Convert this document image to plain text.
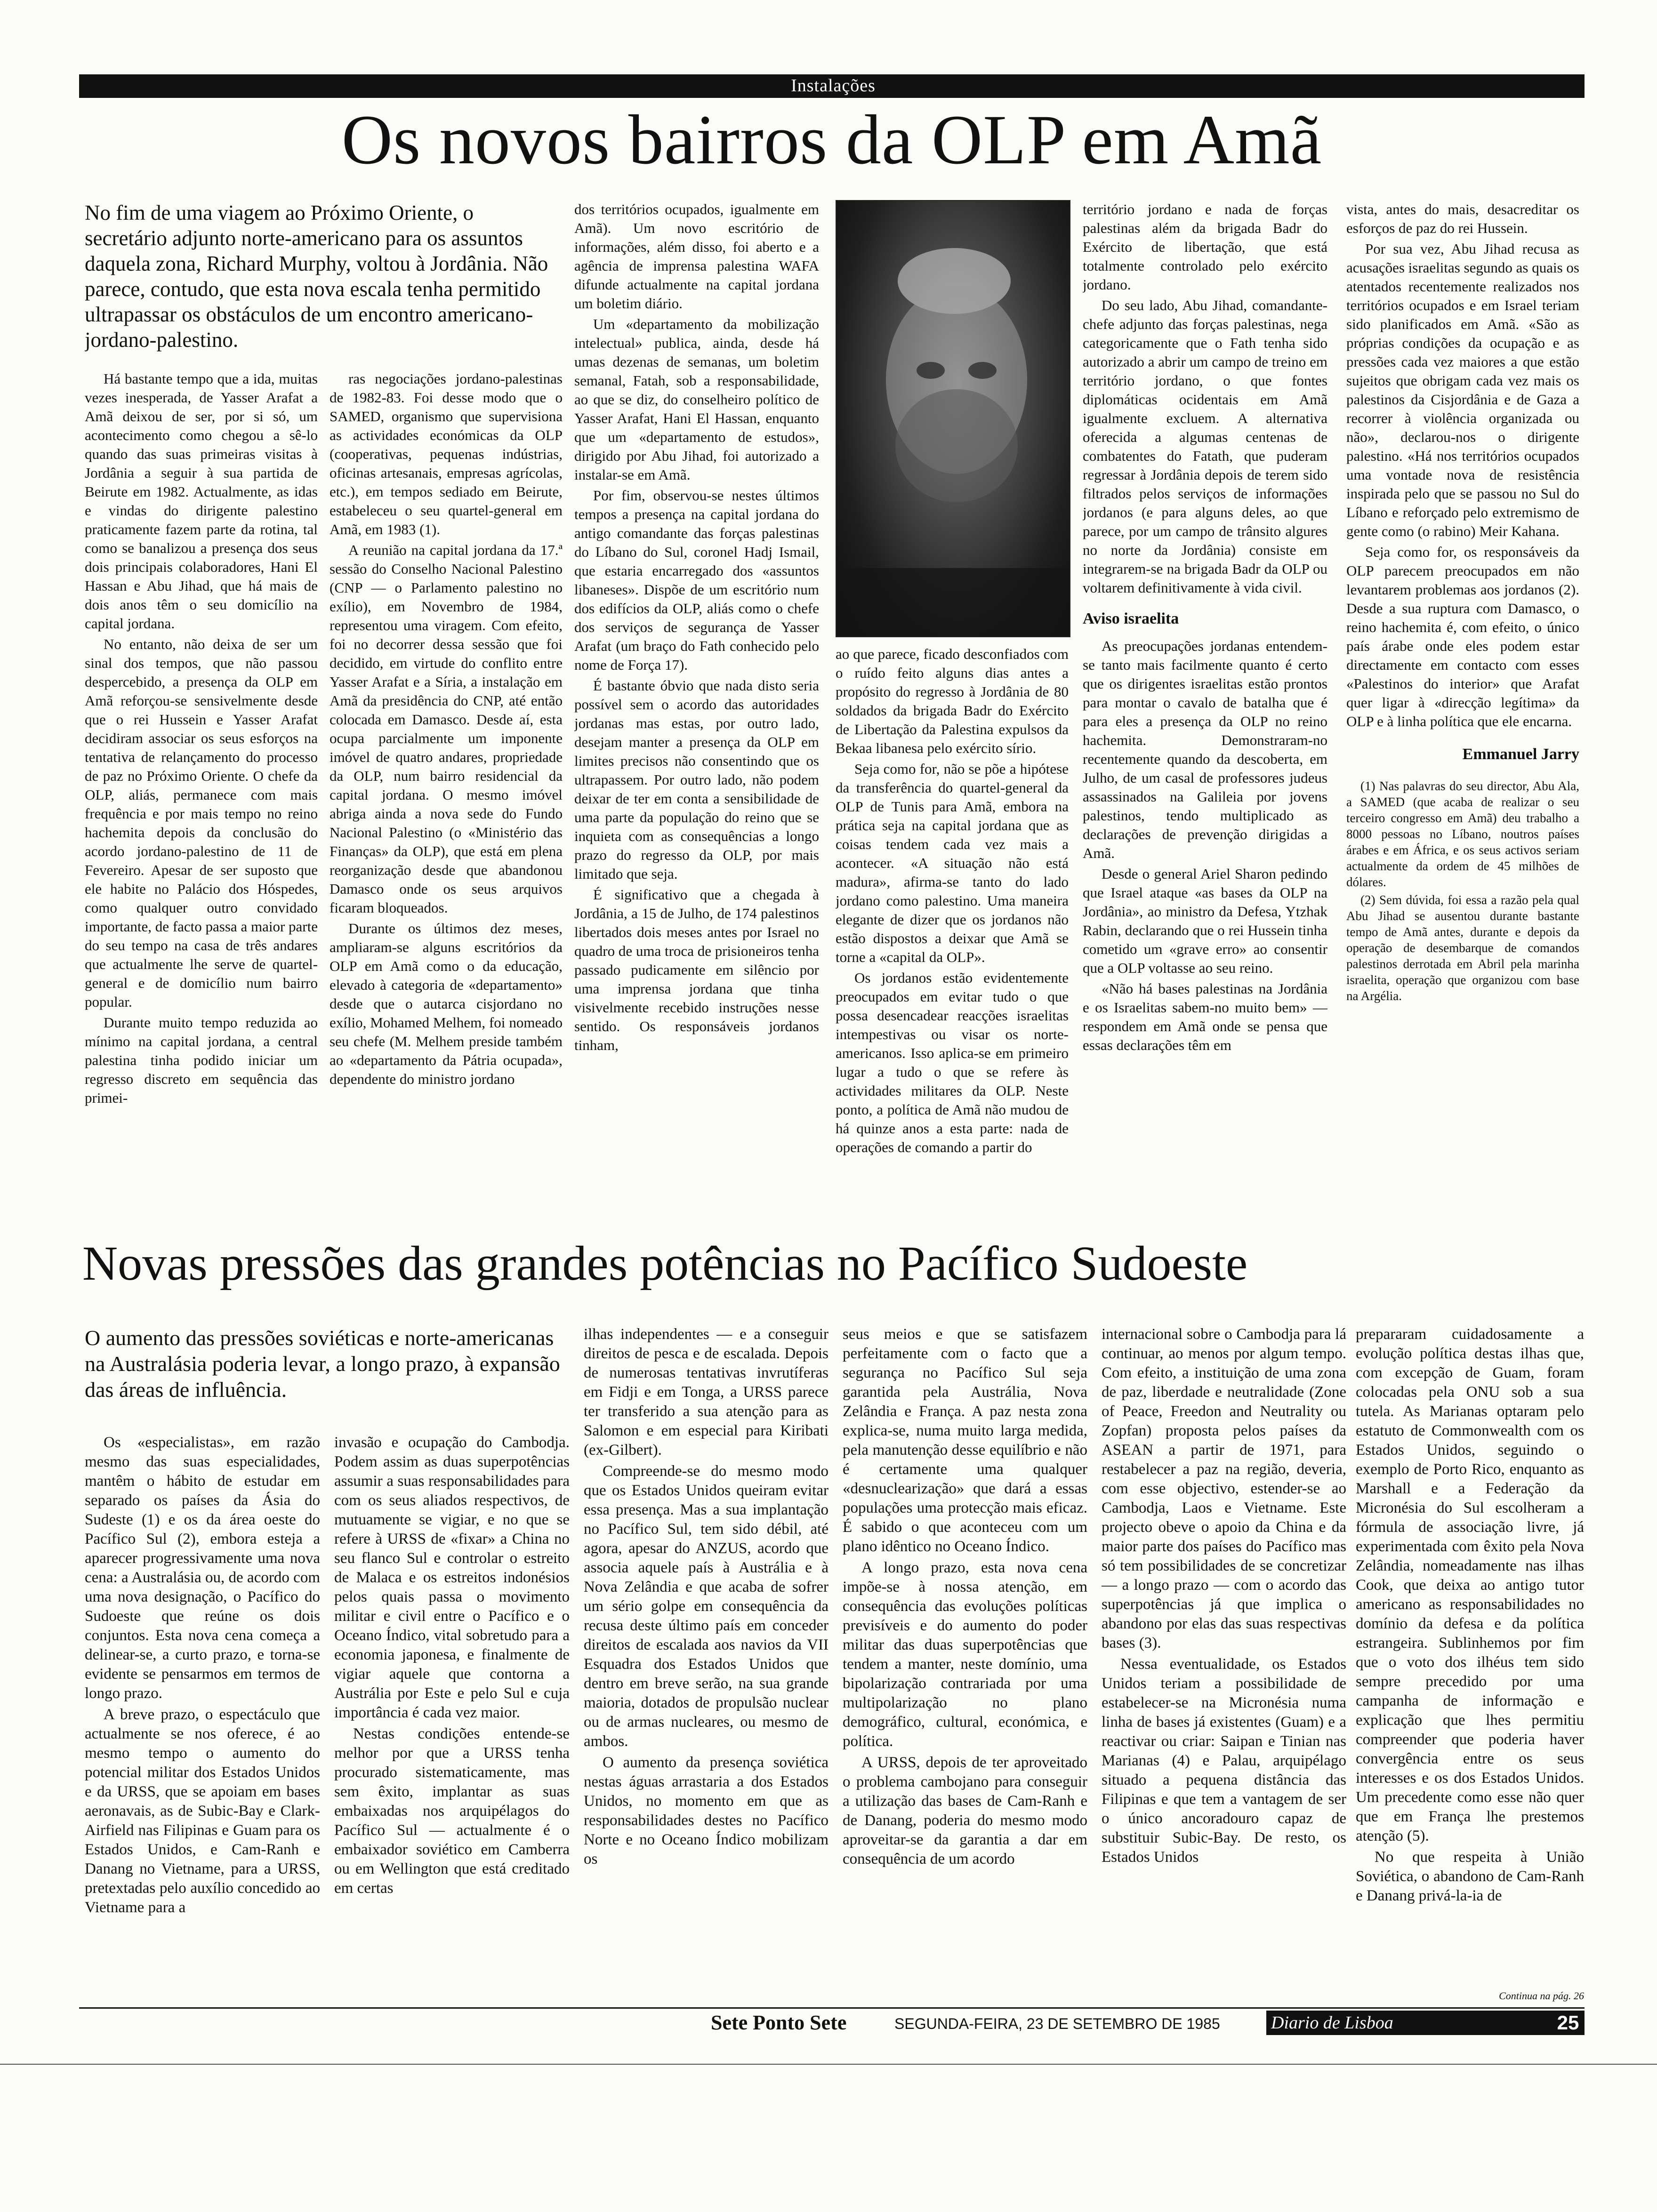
Instalações
Os novos bairros da OLP em Amã
No fim de uma viagem ao Próximo Oriente, o secretário adjunto norte-americano para os assuntos daquela zona, Richard Murphy, voltou à Jordânia. Não parece, contudo, que esta nova escala tenha permitido ultrapassar os obstáculos de um encontro americano-jordano-palestino.

Há bastante tempo que a ida, muitas vezes inesperada, de Yasser Arafat a Amã deixou de ser, por si só, um acontecimento como chegou a sê-lo quando das suas primeiras visitas à Jordânia a seguir à sua partida de Beirute em 1982. Actualmente, as idas e vindas do dirigente palestino praticamente fazem parte da rotina, tal como se banalizou a presença dos seus dois principais colaboradores, Hani El Hassan e Abu Jihad, que há mais de dois anos têm o seu domicílio na capital jordana.

No entanto, não deixa de ser um sinal dos tempos, que não passou despercebido, a presença da OLP em Amã reforçou-se sensivelmente desde que o rei Hussein e Yasser Arafat decidiram associar os seus esforços na tentativa de relançamento do processo de paz no Próximo Oriente. O chefe da OLP, aliás, permanece com mais frequência e por mais tempo no reino hachemita depois da conclusão do acordo jordano-palestino de 11 de Fevereiro. Apesar de ser suposto que ele habite no Palácio dos Hóspedes, como qualquer outro convidado importante, de facto passa a maior parte do seu tempo na casa de três andares que actualmente lhe serve de quartel-general e de domicílio num bairro popular.

Durante muito tempo reduzida ao mínimo na capital jordana, a central palestina tinha podido iniciar um regresso discreto em sequência das primei-

ras negociações jordano-palestinas de 1982-83. Foi desse modo que o SAMED, organismo que supervisiona as actividades económicas da OLP (cooperativas, pequenas indústrias, oficinas artesanais, empresas agrícolas, etc.), em tempos sediado em Beirute, estabeleceu o seu quartel-general em Amã, em 1983 (1).

A reunião na capital jordana da 17.ª sessão do Conselho Nacional Palestino (CNP — o Parlamento palestino no exílio), em Novembro de 1984, representou uma viragem. Com efeito, foi no decorrer dessa sessão que foi decidido, em virtude do conflito entre Yasser Arafat e a Síria, a instalação em Amã da presidência do CNP, até então colocada em Damasco. Desde aí, esta ocupa parcialmente um imponente imóvel de quatro andares, propriedade da OLP, num bairro residencial da capital jordana. O mesmo imóvel abriga ainda a nova sede do Fundo Nacional Palestino (o «Ministério das Finanças» da OLP), que está em plena reorganização desde que abandonou Damasco onde os seus arquivos ficaram bloqueados.

Durante os últimos dez meses, ampliaram-se alguns escritórios da OLP em Amã como o da educação, elevado à categoria de «departamento» desde que o autarca cisjordano no exílio, Mohamed Melhem, foi nomeado seu chefe (M. Melhem preside também ao «departamento da Pátria ocupada», dependente do ministro jordano

dos territórios ocupados, igualmente em Amã). Um novo escritório de informações, além disso, foi aberto e a agência de imprensa palestina WAFA difunde actualmente na capital jordana um boletim diário.

Um «departamento da mobilização intelectual» publica, ainda, desde há umas dezenas de semanas, um boletim semanal, Fatah, sob a responsabilidade, ao que se diz, do conselheiro político de Yasser Arafat, Hani El Hassan, enquanto que um «departamento de estudos», dirigido por Abu Jihad, foi autorizado a instalar-se em Amã.

Por fim, observou-se nestes últimos tempos a presença na capital jordana do antigo comandante das forças palestinas do Líbano do Sul, coronel Hadj Ismail, que estaria encarregado dos «assuntos libaneses». Dispõe de um escritório num dos edifícios da OLP, aliás como o chefe dos serviços de segurança de Yasser Arafat (um braço do Fath conhecido pelo nome de Força 17).

É bastante óbvio que nada disto seria possível sem o acordo das autoridades jordanas mas estas, por outro lado, desejam manter a presença da OLP em limites precisos não consentindo que os ultrapassem. Por outro lado, não podem deixar de ter em conta a sensibilidade de uma parte da população do reino que se inquieta com as consequências a longo prazo do regresso da OLP, por mais limitado que seja.

É significativo que a chegada à Jordânia, a 15 de Julho, de 174 palestinos libertados dois meses antes por Israel no quadro de uma troca de prisioneiros tenha passado pudicamente em silêncio por uma imprensa jordana que tinha visivelmente recebido instruções nesse sentido. Os responsáveis jordanos tinham,

ao que parece, ficado desconfiados com o ruído feito alguns dias antes a propósito do regresso à Jordânia de 80 soldados da brigada Badr do Exército de Libertação da Palestina expulsos da Bekaa libanesa pelo exército sírio.

Seja como for, não se põe a hipótese da transferência do quartel-general da OLP de Tunis para Amã, embora na prática seja na capital jordana que as coisas tendem cada vez mais a acontecer. «A situação não está madura», afirma-se tanto do lado jordano como palestino. Uma maneira elegante de dizer que os jordanos não estão dispostos a deixar que Amã se torne a «capital da OLP».

Os jordanos estão evidentemente preocupados em evitar tudo o que possa desencadear reacções israelitas intempestivas ou visar os norte-americanos. Isso aplica-se em primeiro lugar a tudo o que se refere às actividades militares da OLP. Neste ponto, a política de Amã não mudou de há quinze anos a esta parte: nada de operações de comando a partir do

território jordano e nada de forças palestinas além da brigada Badr do Exército de libertação, que está totalmente controlado pelo exército jordano.

Do seu lado, Abu Jihad, comandante-chefe adjunto das forças palestinas, nega categoricamente que o Fath tenha sido autorizado a abrir um campo de treino em território jordano, o que fontes diplomáticas ocidentais em Amã igualmente excluem. A alternativa oferecida a algumas centenas de combatentes do Fatath, que puderam regressar à Jordânia depois de terem sido filtrados pelos serviços de informações jordanos (e para alguns deles, ao que parece, por um campo de trânsito algures no norte da Jordânia) consiste em integrarem-se na brigada Badr da OLP ou voltarem definitivamente à vida civil.

Aviso israelita

As preocupações jordanas entendem-se tanto mais facilmente quanto é certo que os dirigentes israelitas estão prontos para montar o cavalo de batalha que é para eles a presença da OLP no reino hachemita. Demonstraram-no recentemente quando da descoberta, em Julho, de um casal de professores judeus assassinados na Galileia por jovens palestinos, tendo multiplicado as declarações de prevenção dirigidas a Amã.

Desde o general Ariel Sharon pedindo que Israel ataque «as bases da OLP na Jordânia», ao ministro da Defesa, Ytzhak Rabin, declarando que o rei Hussein tinha cometido um «grave erro» ao consentir que a OLP voltasse ao seu reino.

«Não há bases palestinas na Jordânia e os Israelitas sabem-no muito bem» — respondem em Amã onde se pensa que essas declarações têm em

vista, antes do mais, desacreditar os esforços de paz do rei Hussein.

Por sua vez, Abu Jihad recusa as acusações israelitas segundo as quais os atentados recentemente realizados nos territórios ocupados e em Israel teriam sido planificados em Amã. «São as próprias condições da ocupação e as pressões cada vez maiores a que estão sujeitos que obrigam cada vez mais os palestinos da Cisjordânia e de Gaza a recorrer à violência organizada ou não», declarou-nos o dirigente palestino. «Há nos territórios ocupados uma vontade nova de resistência inspirada pelo que se passou no Sul do Líbano e reforçado pelo extremismo de gente como (o rabino) Meir Kahana.

Seja como for, os responsáveis da OLP parecem preocupados em não levantarem problemas aos jordanos (2). Desde a sua ruptura com Damasco, o reino hachemita é, com efeito, o único país árabe onde eles podem estar directamente em contacto com esses «Palestinos do interior» que Arafat quer ligar à «direcção legítima» da OLP e à linha política que ele encarna.

Emmanuel Jarry

(1) Nas palavras do seu director, Abu Ala, a SAMED (que acaba de realizar o seu terceiro congresso em Amã) deu trabalho a 8000 pessoas no Líbano, noutros países árabes e em África, e os seus activos seriam actualmente da ordem de 45 milhões de dólares.

(2) Sem dúvida, foi essa a razão pela qual Abu Jihad se ausentou durante bastante tempo de Amã antes, durante e depois da operação de desembarque de comandos palestinos derrotada em Abril pela marinha israelita, operação que organizou com base na Argélia.

Novas pressões das grandes potências no Pacífico Sudoeste
O aumento das pressões soviéticas e norte-americanas na Australásia poderia levar, a longo prazo, à expansão das áreas de influência.

Os «especialistas», em razão mesmo das suas especialidades, mantêm o hábito de estudar em separado os países da Ásia do Sudeste (1) e os da área oeste do Pacífico Sul (2), embora esteja a aparecer progressivamente uma nova cena: a Australásia ou, de acordo com uma nova designação, o Pacífico do Sudoeste que reúne os dois conjuntos. Esta nova cena começa a delinear-se, a curto prazo, e torna-se evidente se pensarmos em termos de longo prazo.

A breve prazo, o espectáculo que actualmente se nos oferece, é ao mesmo tempo o aumento do potencial militar dos Estados Unidos e da URSS, que se apoiam em bases aeronavais, as de Subic-Bay e Clark-Airfield nas Filipinas e Guam para os Estados Unidos, e Cam-Ranh e Danang no Vietname, para a URSS, pretextadas pelo auxílio concedido ao Vietname para a

invasão e ocupação do Cambodja. Podem assim as duas superpotências assumir a suas responsabilidades para com os seus aliados respectivos, de mutuamente se vigiar, e no que se refere à URSS de «fixar» a China no seu flanco Sul e controlar o estreito de Malaca e os estreitos indonésios pelos quais passa o movimento militar e civil entre o Pacífico e o Oceano Índico, vital sobretudo para a economia japonesa, e finalmente de vigiar aquele que contorna a Austrália por Este e pelo Sul e cuja importância é cada vez maior.

Nestas condições entende-se melhor por que a URSS tenha procurado sistematicamente, mas sem êxito, implantar as suas embaixadas nos arquipélagos do Pacífico Sul — actualmente é o embaixador soviético em Camberra ou em Wellington que está creditado em certas

ilhas independentes — e a conseguir direitos de pesca e de escalada. Depois de numerosas tentativas invrutíferas em Fidji e em Tonga, a URSS parece ter transferido a sua atenção para as Salomon e em especial para Kiribati (ex-Gilbert).

Compreende-se do mesmo modo que os Estados Unidos queiram evitar essa presença. Mas a sua implantação no Pacífico Sul, tem sido débil, até agora, apesar do ANZUS, acordo que associa aquele país à Austrália e à Nova Zelândia e que acaba de sofrer um sério golpe em consequência da recusa deste último país em conceder direitos de escalada aos navios da VII Esquadra dos Estados Unidos que dentro em breve serão, na sua grande maioria, dotados de propulsão nuclear ou de armas nucleares, ou mesmo de ambos.

O aumento da presença soviética nestas águas arrastaria a dos Estados Unidos, no momento em que as responsabilidades destes no Pacífico Norte e no Oceano Índico mobilizam os

seus meios e que se satisfazem perfeitamente com o facto que a segurança no Pacífico Sul seja garantida pela Austrália, Nova Zelândia e França. A paz nesta zona explica-se, numa muito larga medida, pela manutenção desse equilíbrio e não é certamente uma qualquer «desnuclearização» que dará a essas populações uma protecção mais eficaz. É sabido o que aconteceu com um plano idêntico no Oceano Índico.

A longo prazo, esta nova cena impõe-se à nossa atenção, em consequência das evoluções políticas previsíveis e do aumento do poder militar das duas superpotências que tendem a manter, neste domínio, uma bipolarização contrariada por uma multipolarização no plano demográfico, cultural, económica, e política.

A URSS, depois de ter aproveitado o problema cambojano para conseguir a utilização das bases de Cam-Ranh e de Danang, poderia do mesmo modo aproveitar-se da garantia a dar em consequência de um acordo

internacional sobre o Cambodja para lá continuar, ao menos por algum tempo. Com efeito, a instituição de uma zona de paz, liberdade e neutralidade (Zone of Peace, Freedon and Neutrality ou Zopfan) proposta pelos países da ASEAN a partir de 1971, para restabelecer a paz na região, deveria, com esse objectivo, estender-se ao Cambodja, Laos e Vietname. Este projecto obeve o apoio da China e da maior parte dos países do Pacífico mas só tem possibilidades de se concretizar — a longo prazo — com o acordo das superpotências já que implica o abandono por elas das suas respectivas bases (3).

Nessa eventualidade, os Estados Unidos teriam a possibilidade de estabelecer-se na Micronésia numa linha de bases já existentes (Guam) e a reactivar ou criar: Saipan e Tinian nas Marianas (4) e Palau, arquipélago situado a pequena distância das Filipinas e que tem a vantagem de ser o único ancoradouro capaz de substituir Subic-Bay. De resto, os Estados Unidos

prepararam cuidadosamente a evolução política destas ilhas que, com excepção de Guam, foram colocadas pela ONU sob a sua tutela. As Marianas optaram pelo estatuto de Commonwealth com os Estados Unidos, seguindo o exemplo de Porto Rico, enquanto as Marshall e a Federação da Micronésia do Sul escolheram a fórmula de associação livre, já experimentada com êxito pela Nova Zelândia, nomeadamente nas ilhas Cook, que deixa ao antigo tutor americano as responsabilidades no domínio da defesa e da política estrangeira. Sublinhemos por fim que o voto dos ilhéus tem sido sempre precedido por uma campanha de informação e explicação que lhes permitiu compreender que poderia haver convergência entre os seus interesses e os dos Estados Unidos. Um precedente como esse não quer que em França lhe prestemos atenção (5).

No que respeita à União Soviética, o abandono de Cam-Ranh e Danang privá-la-ia de

Continua na pág. 26
Sete Ponto Sete	SEGUNDA-FEIRA, 23 DE SETEMBRO DE 1985	Diario de Lisboa	25
